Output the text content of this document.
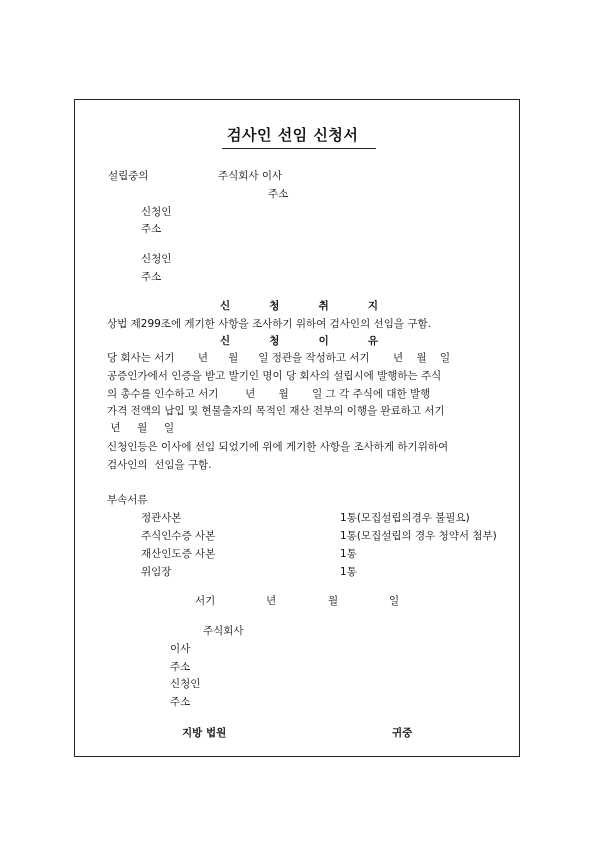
검사인 선임 신청서
설립중의	주식회사 이사
주소
신청인
주소
신청인
주소
신	청	취	지
상법 제299조에 게기한 사항을 조사하기 위하여 검사인의 선임을 구함.
신	청	이	유
당 회사는 서기       년      월      일 정관을 작성하고 서기       년    월    일
공증인가에서 인증을 받고 발기인 명이 당 회사의 설립시에 발행하는 주식
의 총수를 인수하고 서기        년       월       일 그 각 주식에 대한 발행
가격 전액의 납입 및 현물출자의 목적인 재산 전부의 이행을 완료하고 서기
년     월     일
신청인등은 이사에 선임 되었기에 위에 게기한 사항을 조사하게 하기위하여
검사인의  선임을 구함.
부속서류
정관사본	1통(모집설립의경우 불필요)
주식인수증 사본	1통(모집설립의 경우 청약서 첨부)
재산인도증 사본	1통
위임장	1통
서기	년	월	일
주식회사
이사
주소
신청인
주소
지방 법원	귀중
